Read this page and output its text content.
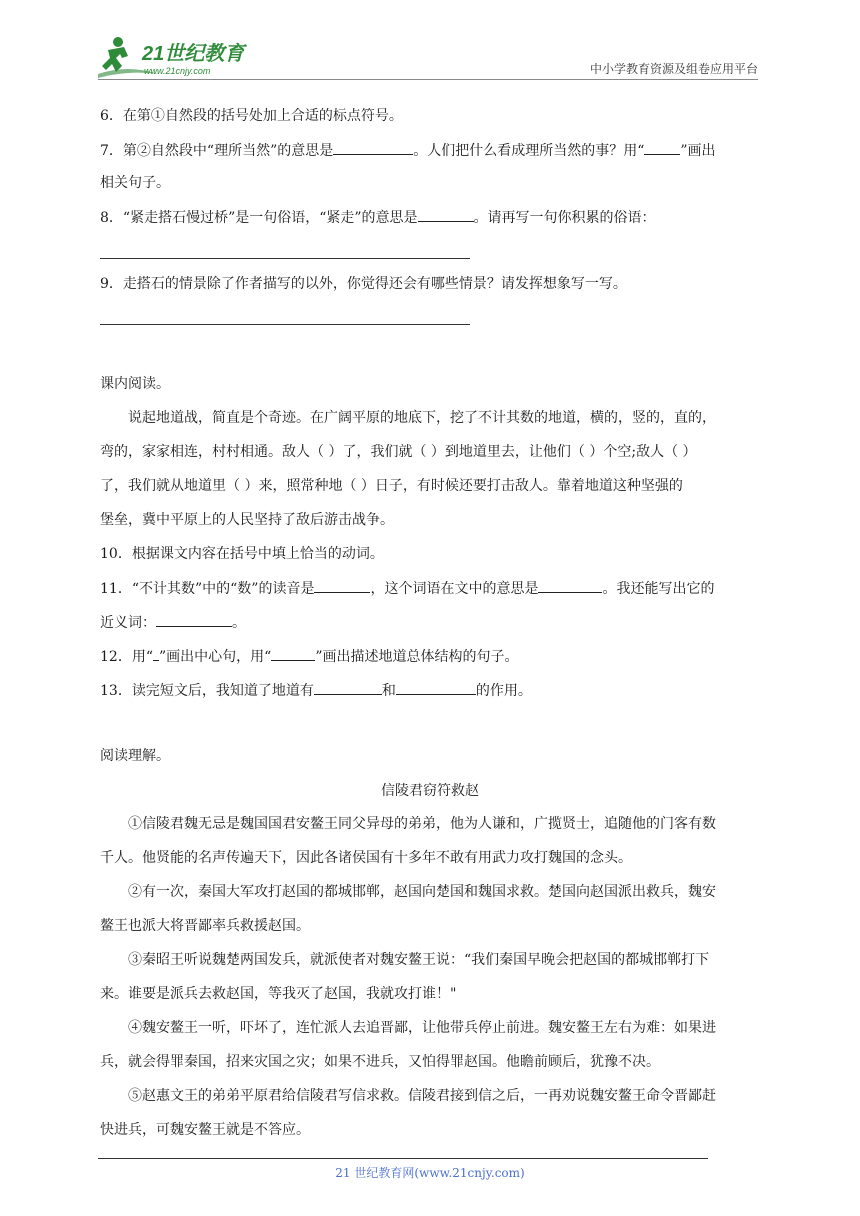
21世纪教育
www.21cnjy.com	中小学教育资源及组卷应用平台
6．在第①自然段的括号处加上合适的标点符号。
7．第②自然段中“理所当然”的意思是	。人们把什么看成理所当然的事？用“	”画出
相关句子。
8．“紧走搭石慢过桥”是一句俗语，“紧走”的意思是	。请再写一句你积累的俗语：
9．走搭石的情景除了作者描写的以外，你觉得还会有哪些情景？请发挥想象写一写。
课内阅读。
说起地道战，简直是个奇迹。在广阔平原的地底下，挖了不计其数的地道，横的，竖的，直的，
弯的，家家相连，村村相通。敌人（ ）了，我们就（ ）到地道里去，让他们（ ）个空;敌人（ ）
了，我们就从地道里（ ）来，照常种地（ ）日子，有时候还要打击敌人。靠着地道这种坚强的
堡垒，冀中平原上的人民坚持了敌后游击战争。
10．根据课文内容在括号中填上恰当的动词。
11．“不计其数”中的“数”的读音是	，这个词语在文中的意思是	。我还能写出它的
近义词：	。
12．用“ ”画出中心句，用“	”画出描述地道总体结构的句子。
13．读完短文后，我知道了地道有	和	的作用。
阅读理解。
信陵君窃符救赵
①信陵君魏无忌是魏国国君安鳌王同父异母的弟弟，他为人谦和，广揽贤士，追随他的门客有数
千人。他贤能的名声传遍天下，因此各诸侯国有十多年不敢有用武力攻打魏国的念头。
②有一次，秦国大军攻打赵国的都城邯郸，赵国向楚国和魏国求救。楚国向赵国派出救兵，魏安
鳌王也派大将晋鄙率兵救援赵国。
③秦昭王听说魏楚两国发兵，就派使者对魏安鳌王说：“我们秦国早晚会把赵国的都城邯郸打下
来。谁要是派兵去救赵国，等我灭了赵国，我就攻打谁！"
④魏安鳌王一听，吓坏了，连忙派人去追晋鄙，让他带兵停止前进。魏安鳌王左右为难：如果进
兵，就会得罪秦国，招来灾国之灾；如果不进兵，又怕得罪赵国。他瞻前顾后，犹豫不决。
⑤赵惠文王的弟弟平原君给信陵君写信求救。信陵君接到信之后，一再劝说魏安鳌王命令晋鄙赶
快进兵，可魏安鳌王就是不答应。
21 世纪教育网(www.21cnjy.com)
